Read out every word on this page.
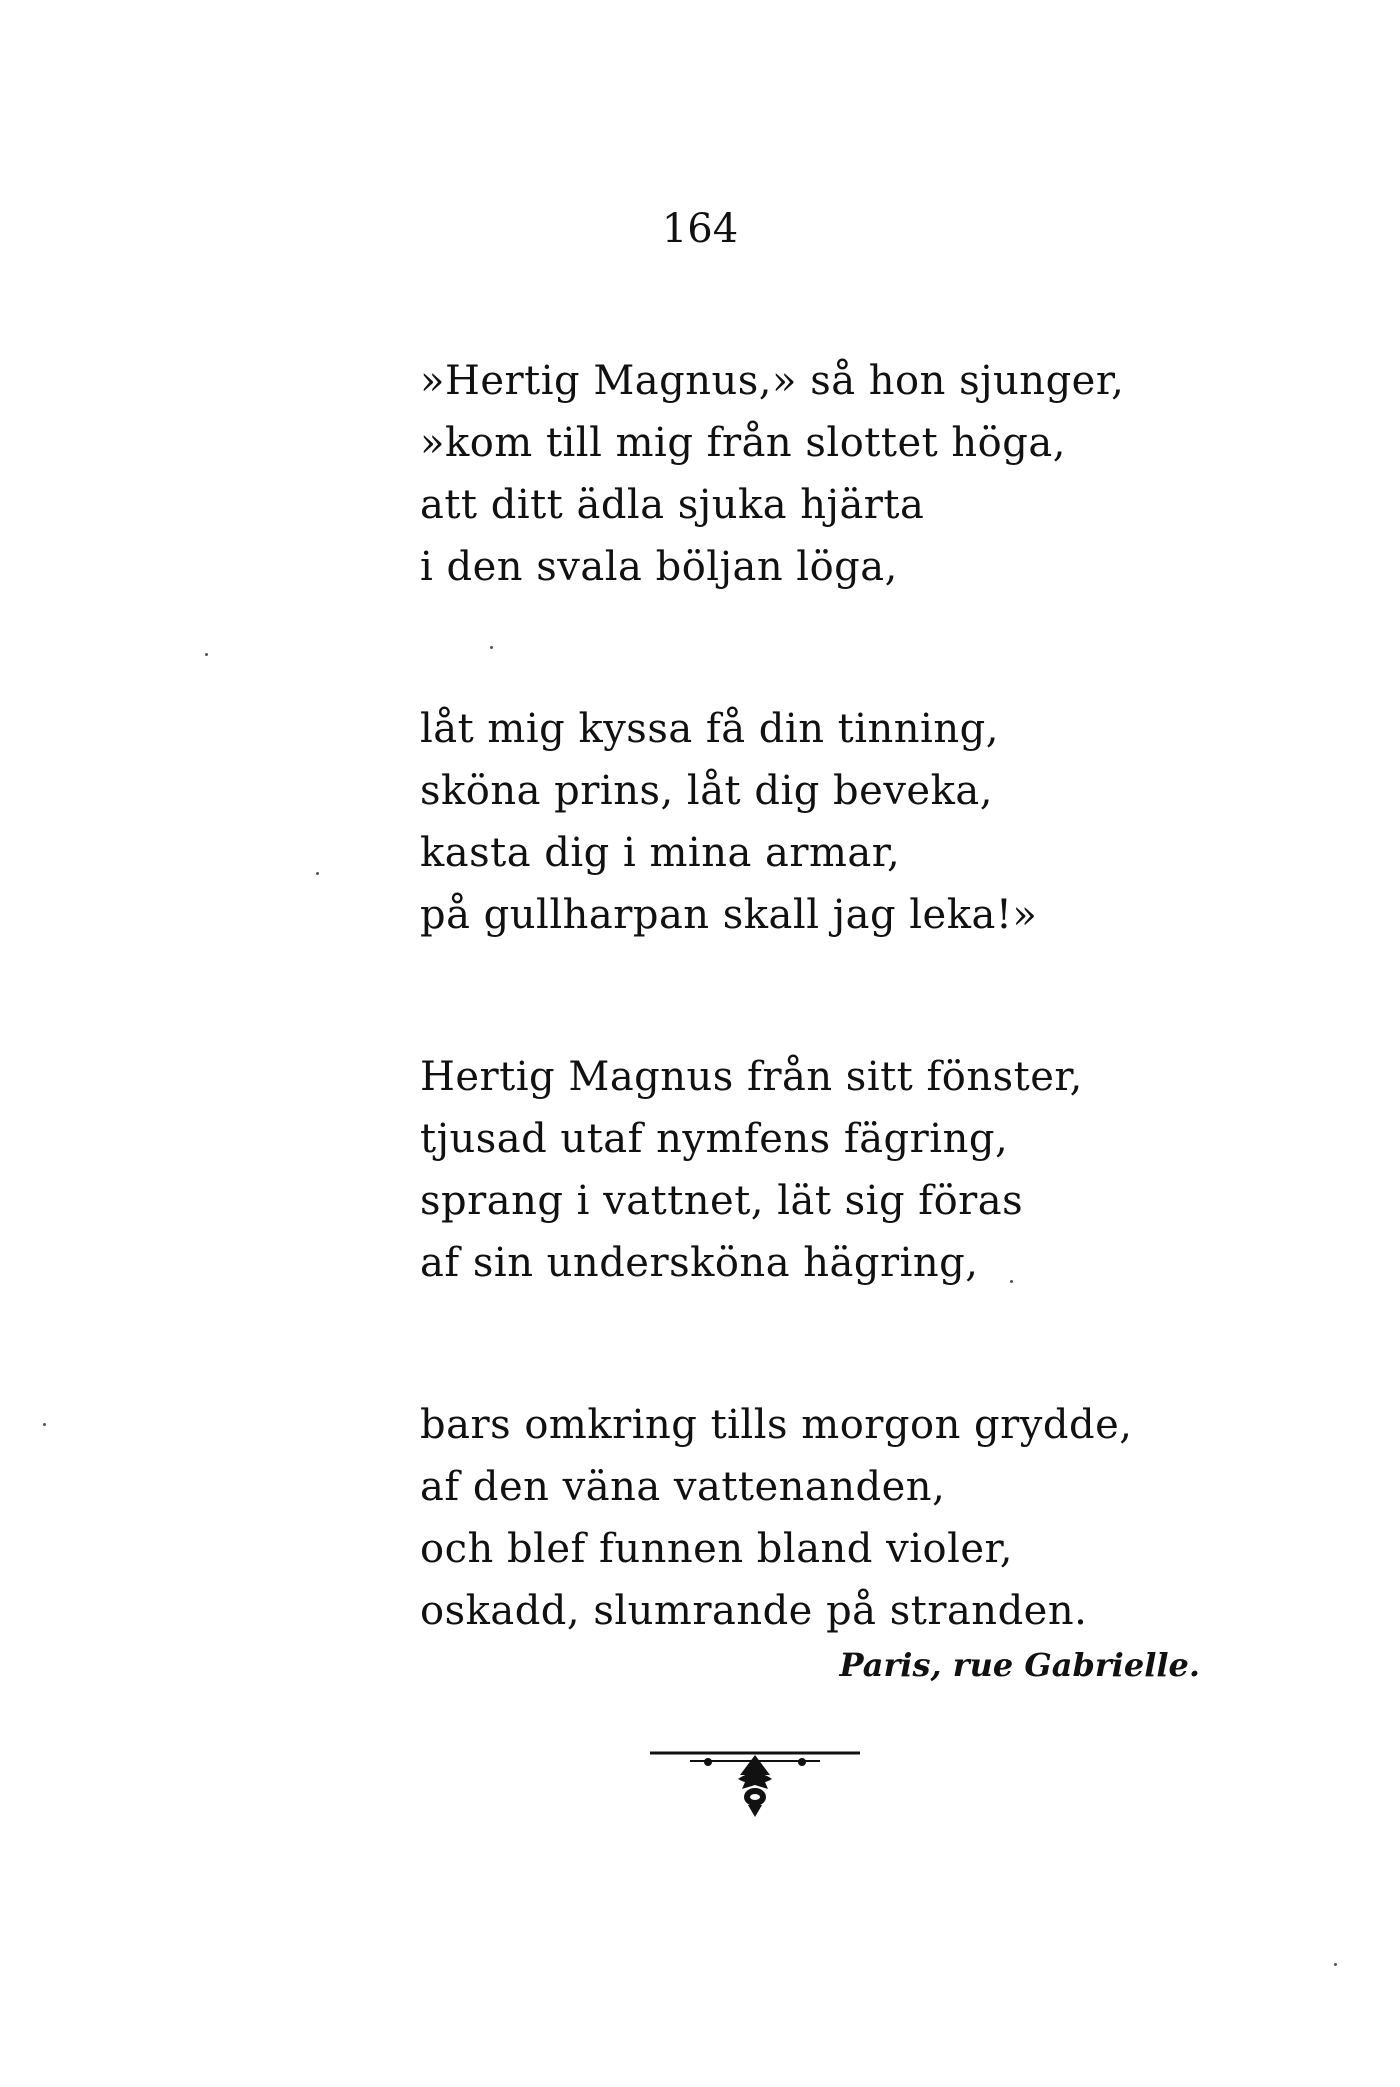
164
»Hertig Magnus,» så hon sjunger,
»kom till mig från slottet höga,
att ditt ädla sjuka hjärta
i den svala böljan löga,
låt mig kyssa få din tinning,
sköna prins, låt dig beveka,
kasta dig i mina armar,
på gullharpan skall jag leka!»
Hertig Magnus från sitt fönster,
tjusad utaf nymfens fägring,
sprang i vattnet, lät sig föras
af sin underskönа hägring,
bars omkring tills morgon grydde,
af den väna vattenanden,
och blef funnen bland violer,
oskadd, slumrande på stranden.
Paris, rue Gabrielle.
